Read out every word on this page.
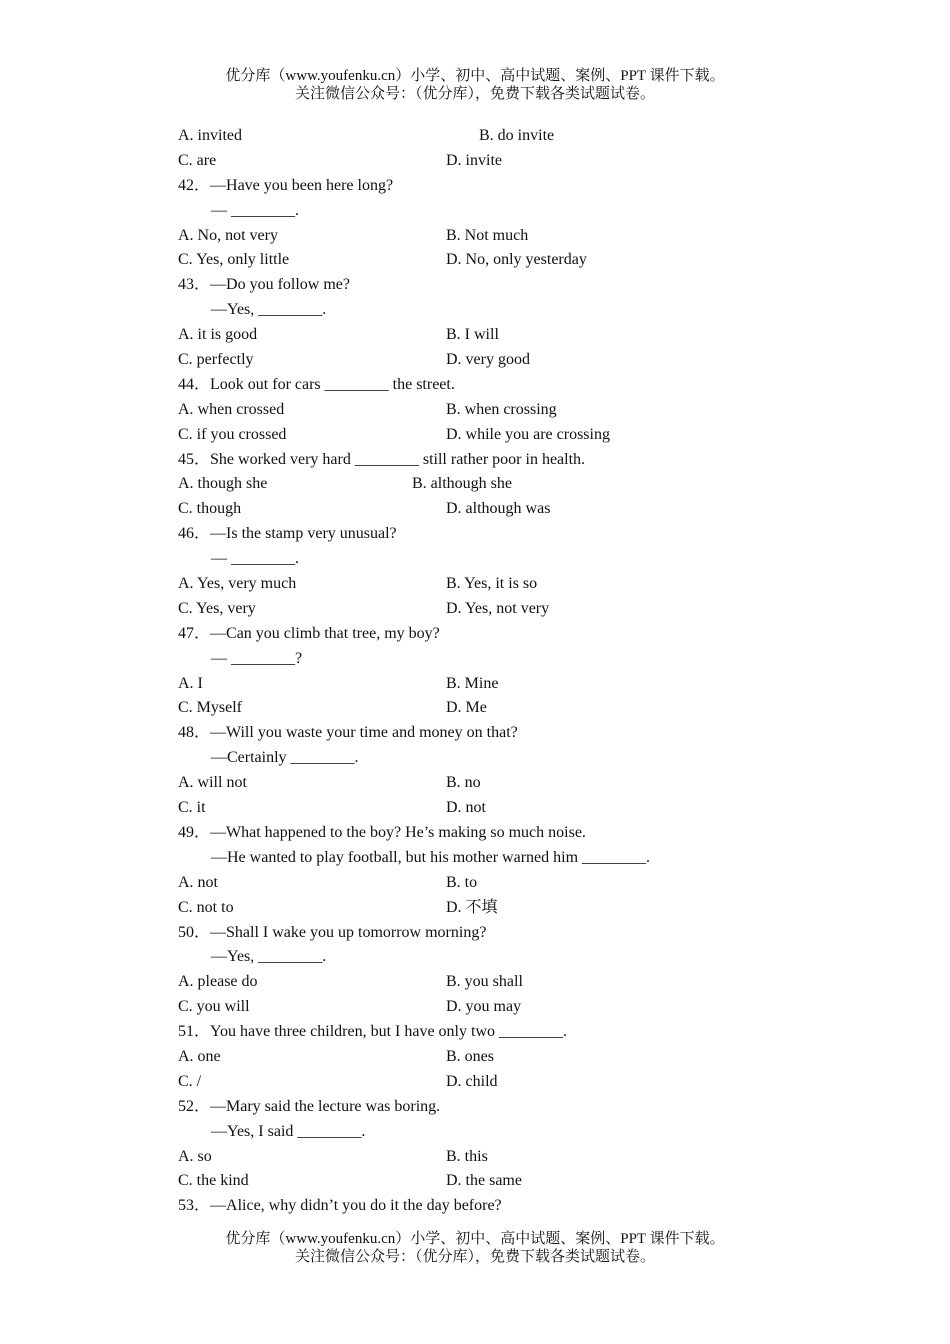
优分库（www.youfenku.cn）小学、初中、高中试题、案例、PPT 课件下载。
关注微信公众号：（优分库），免费下载各类试题试卷。
A. invited	B. do invite
C. are	D. invite
42．—Have you been here long?
— ________.
A. No, not very	B. Not much
C. Yes, only little	D. No, only yesterday
43．—Do you follow me?
—Yes, ________.
A. it is good	B. I will
C. perfectly	D. very good
44．Look out for cars ________ the street.
A. when crossed	B. when crossing
C. if you crossed	D. while you are crossing
45．She worked very hard ________ still rather poor in health.
A. though she	B. although she
C. though	D. although was
46．—Is the stamp very unusual?
— ________.
A. Yes, very much	B. Yes, it is so
C. Yes, very	D. Yes, not very
47．—Can you climb that tree, my boy?
— ________?
A. I	B. Mine
C. Myself	D. Me
48．—Will you waste your time and money on that?
—Certainly ________.
A. will not	B. no
C. it	D. not
49．—What happened to the boy? He’s making so much noise.
—He wanted to play football, but his mother warned him ________.
A. not	B. to
C. not to	D. 不填
50．—Shall I wake you up tomorrow morning?
—Yes, ________.
A. please do	B. you shall
C. you will	D. you may
51．You have three children, but I have only two ________.
A. one	B. ones
C. /	D. child
52．—Mary said the lecture was boring.
—Yes, I said ________.
A. so	B. this
C. the kind	D. the same
53．—Alice, why didn’t you do it the day before?
优分库（www.youfenku.cn）小学、初中、高中试题、案例、PPT 课件下载。
关注微信公众号：（优分库），免费下载各类试题试卷。
